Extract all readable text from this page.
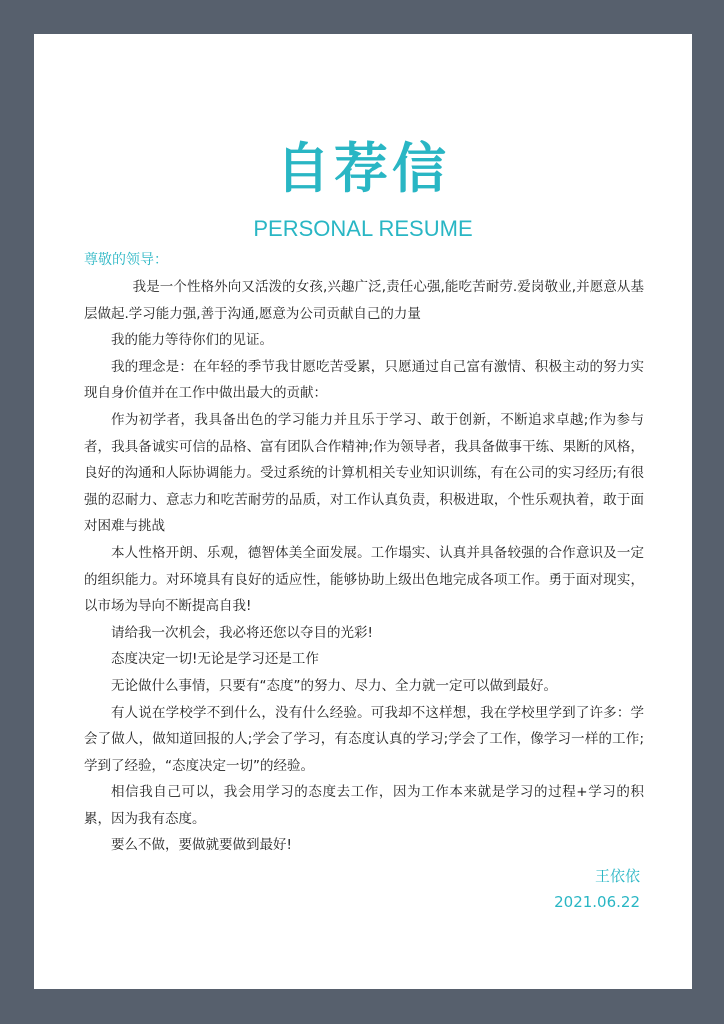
自荐信
PERSONAL RESUME
尊敬的领导：

我是一个性格外向又活泼的女孩,兴趣广泛,责任心强,能吃苦耐劳.爱岗敬业,并愿意从基层做起.学习能力强,善于沟通,愿意为公司贡献自己的力量

我的能力等待你们的见证。

我的理念是：在年轻的季节我甘愿吃苦受累，只愿通过自己富有激情、积极主动的努力实现自身价值并在工作中做出最大的贡献：

作为初学者，我具备出色的学习能力并且乐于学习、敢于创新，不断追求卓越;作为参与者，我具备诚实可信的品格、富有团队合作精神;作为领导者，我具备做事干练、果断的风格，良好的沟通和人际协调能力。受过系统的计算机相关专业知识训练，有在公司的实习经历;有很强的忍耐力、意志力和吃苦耐劳的品质，对工作认真负责，积极进取，个性乐观执着，敢于面对困难与挑战

本人性格开朗、乐观，德智体美全面发展。工作塌实、认真并具备较强的合作意识及一定的组织能力。对环境具有良好的适应性，能够协助上级出色地完成各项工作。勇于面对现实，以市场为导向不断提高自我!

请给我一次机会，我必将还您以夺目的光彩!

态度决定一切!无论是学习还是工作

无论做什么事情，只要有“态度”的努力、尽力、全力就一定可以做到最好。

有人说在学校学不到什么，没有什么经验。可我却不这样想，我在学校里学到了许多：学会了做人，做知道回报的人;学会了学习，有态度认真的学习;学会了工作，像学习一样的工作;学到了经验，“态度决定一切”的经验。

相信我自己可以，我会用学习的态度去工作，因为工作本来就是学习的过程+学习的积累，因为我有态度。

要么不做，要做就要做到最好!

王依依
2021.06.22
